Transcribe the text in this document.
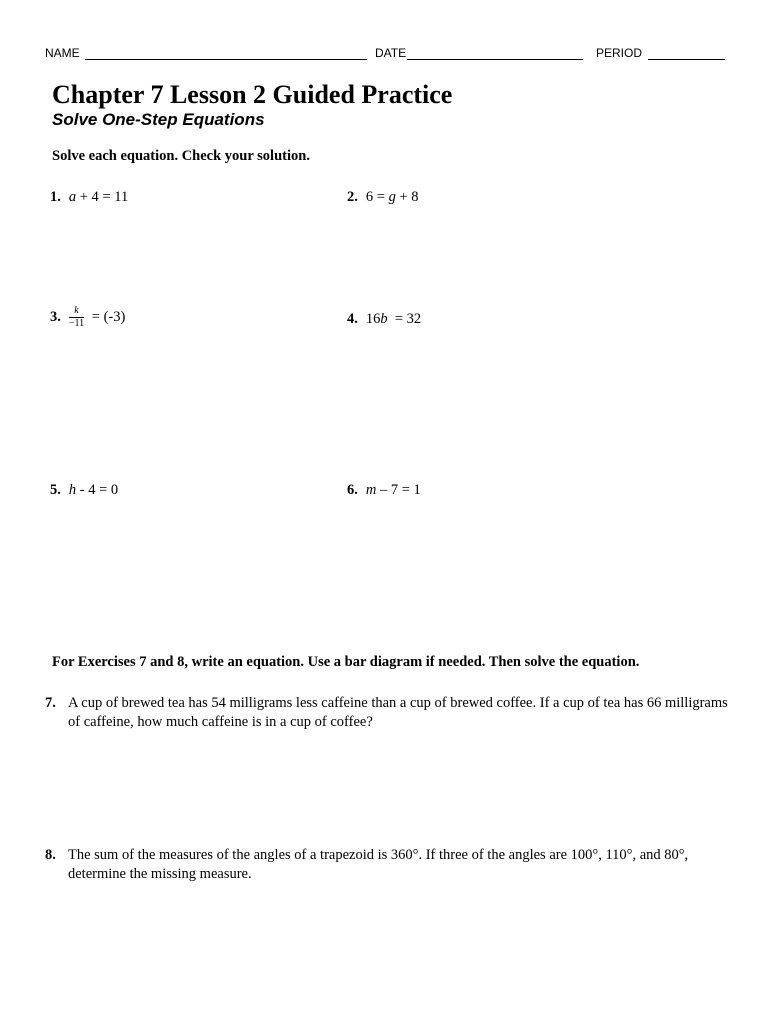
NAME	DATE	PERIOD
Chapter 7 Lesson 2 Guided Practice
Solve One-Step Equations

Solve each equation. Check your solution.

1. a + 4 = 11	2. 6 = g + 8
3. $\frac{k}{-11} = (-3)$	4. 16b  = 32
5. h - 4 = 0	6. m – 7 = 1

For Exercises 7 and 8, write an equation. Use a bar diagram if needed. Then solve the equation.

7. A cup of brewed tea has 54 milligrams less caffeine than a cup of brewed coffee. If a cup of tea has 66 milligrams of caffeine, how much caffeine is in a cup of coffee?
8. The sum of the measures of the angles of a trapezoid is 360°. If three of the angles are 100°, 110°, and 80°, determine the missing measure.
